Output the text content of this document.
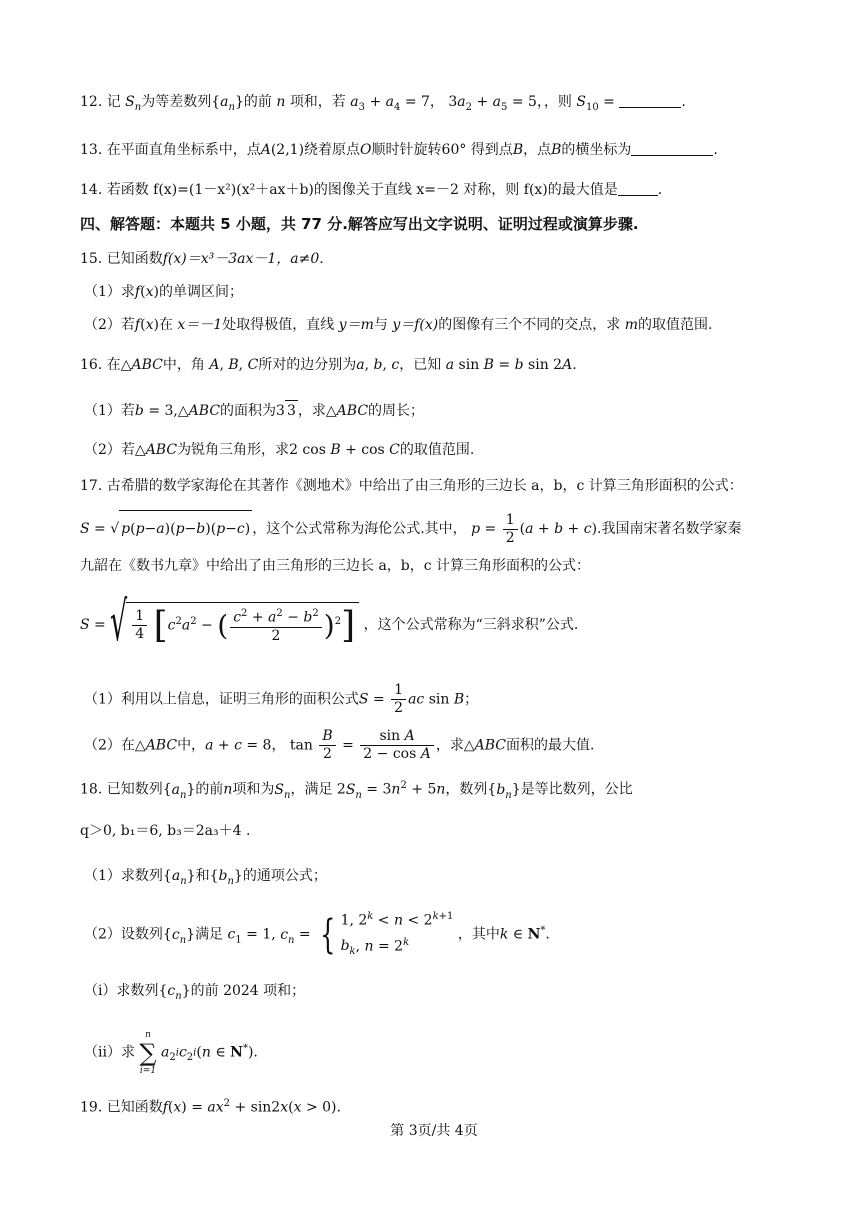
12. 记 $S_n$为等差数列$\{a_n\}$的前 n 项和，若 $a_3 + a_4 = 7$， $3a_2 + a_5 = 5$，，则 $S_{10}$ =	.
13. 在平面直角坐标系中，点A(2,1)绕着原点O顺时针旋转60° 得到点B，点B的横坐标为	.
14. 若函数 f(x)=(1－x²)(x²＋ax＋b)的图像关于直线 x=－2 对称，则 f(x)的最大值是	.
四、解答题：本题共 5 小题，共 77 分.解答应写出文字说明、证明过程或演算步骤.
15. 已知函数f(x)＝x³－3ax－1，a≠0.
（1）求f(x)的单调区间；
（2）若f(x)在 x＝－1处取得极值，直线 y＝m与 y＝f(x)的图像有三个不同的交点，求 m的取值范围.
16. 在△ABC中，角 A, B, C所对的边分别为a, b, c，已知 a sin B = b sin 2A.
（1）若b = 3,△ABC的面积为3 3 ，求△ABC的周长；
（2）若△ABC为锐角三角形，求2 cos B + cos C的取值范围.
17. 古希腊的数学家海伦在其著作《测地术》中给出了由三角形的三边长 a，b，c 计算三角形面积的公式：
S = √ p(p−a)(p−b)(p−c) ，这个公式常称为海伦公式.其中， $p = \frac{1}{2} (a + b + c)$.我国南宋著名数学家秦
九韶在《数书九章》中给出了由三角形的三边长 a，b，c 计算三角形面积的公式：
S = √ $\frac{1}{4} [c^2a^2$ − ( $\frac{c^2 + a^2 - b^2}{2} )^2$] ，这个公式常称为“三斜求积”公式.
（1）利用以上信息，证明三角形的面积公式$S = \frac{1}{2}$ ac sin B；
（2）在△ABC中，a + c = 8， $\tan \frac{B}{2} = \frac{\text{sin A}}{\text{2 − cos A}}$ ，求△ABC面积的最大值.
18. 已知数列$\{a_n\}$的前n项和为$S_n$，满足 $2S_n = 3n^2 + 5n$，数列$\{b_n\}$是等比数列，公比
q＞0, b₁＝6, b₃＝2a₃＋4 .
（1）求数列$\{a_n\}$和$\{b_n\}$的通项公式；
（2）设数列$\{c_n\}$满足 $c_1 = 1$, $c_n$ = { 1, $2^k < n < 2^{k+1}$
$b_k$, $n = 2^k$	，其中k ∈ N*.
（i）求数列$\{c_n\}$的前 2024 项和；
（ii）求
n
∑
i=1
$a_{2^i}c_{2^i}(n$ ∈ N*).
19. 已知函数$f(x) = ax^2 + \sin 2x(x > 0)$.
第 3页/共 4页
